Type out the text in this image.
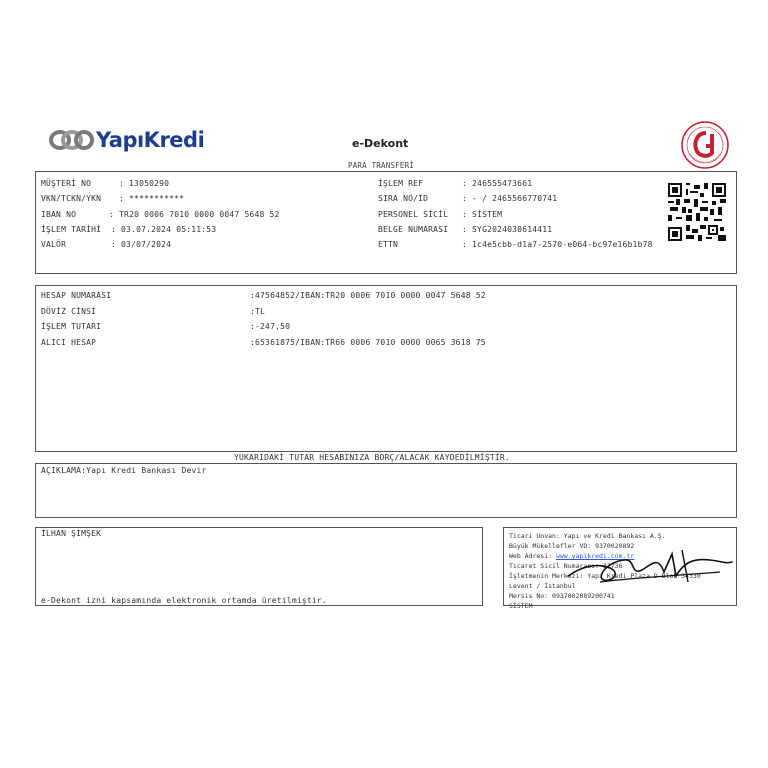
YapıKredi	e-Dekont
PARA TRANSFERİ
MÜŞTERİ NO	: 13050290
VKN/TCKN/YKN : ***********
IBAN NO	: TR20 0006 7010 0000 0047 5648 52
İŞLEM TARİHİ : 03.07.2024 05:11:53
VALÖR	: 03/07/2024
İŞLEM REF	: 246555473661
SIRA NO/ID	: - / 2465566770741
PERSONEL SİCİL : SİSTEM
BELGE NUMARASI : SYG2024030614411
ETTN	: 1c4e5cbb-d1a7-2570-e064-bc97e16b1b78
HESAP NUMARASI	:47564852/IBAN:TR20 0006 7010 0000 0047 5648 52
DÖVİZ CİNSİ	:TL
İŞLEM TUTARI	:-247,50
ALICI HESAP	:65361875/IBAN:TR66 0006 7010 0000 0065 3618 75
YUKARIDAKİ TUTAR HESABINIZA BORÇ/ALACAK KAYDEDİLMİŞTİR.
AÇIKLAMA:Yapı Kredi Bankası Devir
İLHAN ŞİMŞEK
e-Dekont izni kapsamında elektronik ortamda üretilmiştir.
Ticari Unvan: Yapı ve Kredi Bankası A.Ş.
Büyük Mükellefler VD: 9370020892
Web Adresi: www.yapikredi.com.tr
Ticaret Sicil Numarası: 32736
İşletmenin Merkezi: Yapı Kredi Plaza D Blok 34330
Levent / İstanbul
Mersis No: 0937002089200741
SİSTEM
